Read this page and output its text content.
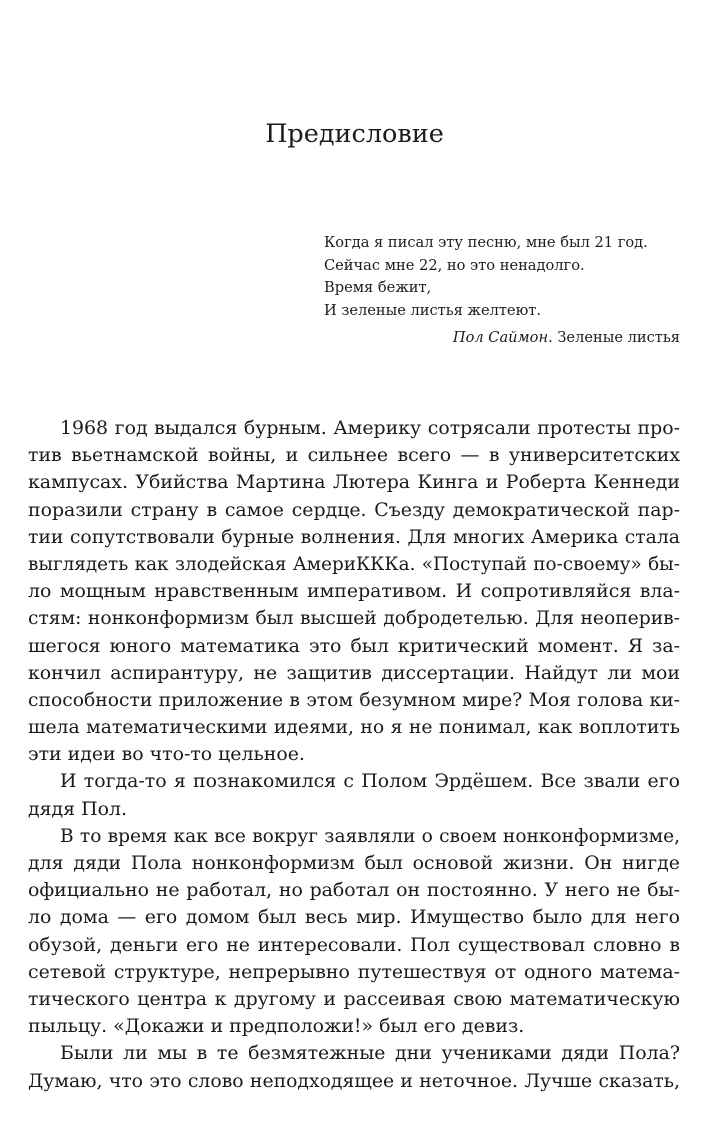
Предисловие
Когда я писал эту песню, мне был 21 год.
Сейчас мне 22, но это ненадолго.
Время бежит,
И зеленые листья желтеют.
Пол Саймон. Зеленые листья
1968 год выдался бурным. Америку сотрясали протесты про-
тив вьетнамской войны, и сильнее всего — в университетских
кампусах. Убийства Мартина Лютера Кинга и Роберта Кеннеди
поразили страну в самое сердце. Съезду демократической пар-
тии сопутствовали бурные волнения. Для многих Америка стала
выглядеть как злодейская АмериКККа. «Поступай по-своему» бы-
ло мощным нравственным императивом. И сопротивляйся вла-
стям: нонконформизм был высшей добродетелью. Для неоперив-
шегося юного математика это был критический момент. Я за-
кончил аспирантуру, не защитив диссертации. Найдут ли мои
способности приложение в этом безумном мире? Моя голова ки-
шела математическими идеями, но я не понимал, как воплотить
эти идеи во что-то цельное.
И тогда-то я познакомился с Полом Эрдёшем. Все звали его
дядя Пол.
В то время как все вокруг заявляли о своем нонконформизме,
для дяди Пола нонконформизм был основой жизни. Он нигде
официально не работал, но работал он постоянно. У него не бы-
ло дома — его домом был весь мир. Имущество было для него
обузой, деньги его не интересовали. Пол существовал словно в
сетевой структуре, непрерывно путешествуя от одного матема-
тического центра к другому и рассеивая свою математическую
пыльцу. «Докажи и предположи!» был его девиз.
Были ли мы в те безмятежные дни учениками дяди Пола?
Думаю, что это слово неподходящее и неточное. Лучше сказать,
